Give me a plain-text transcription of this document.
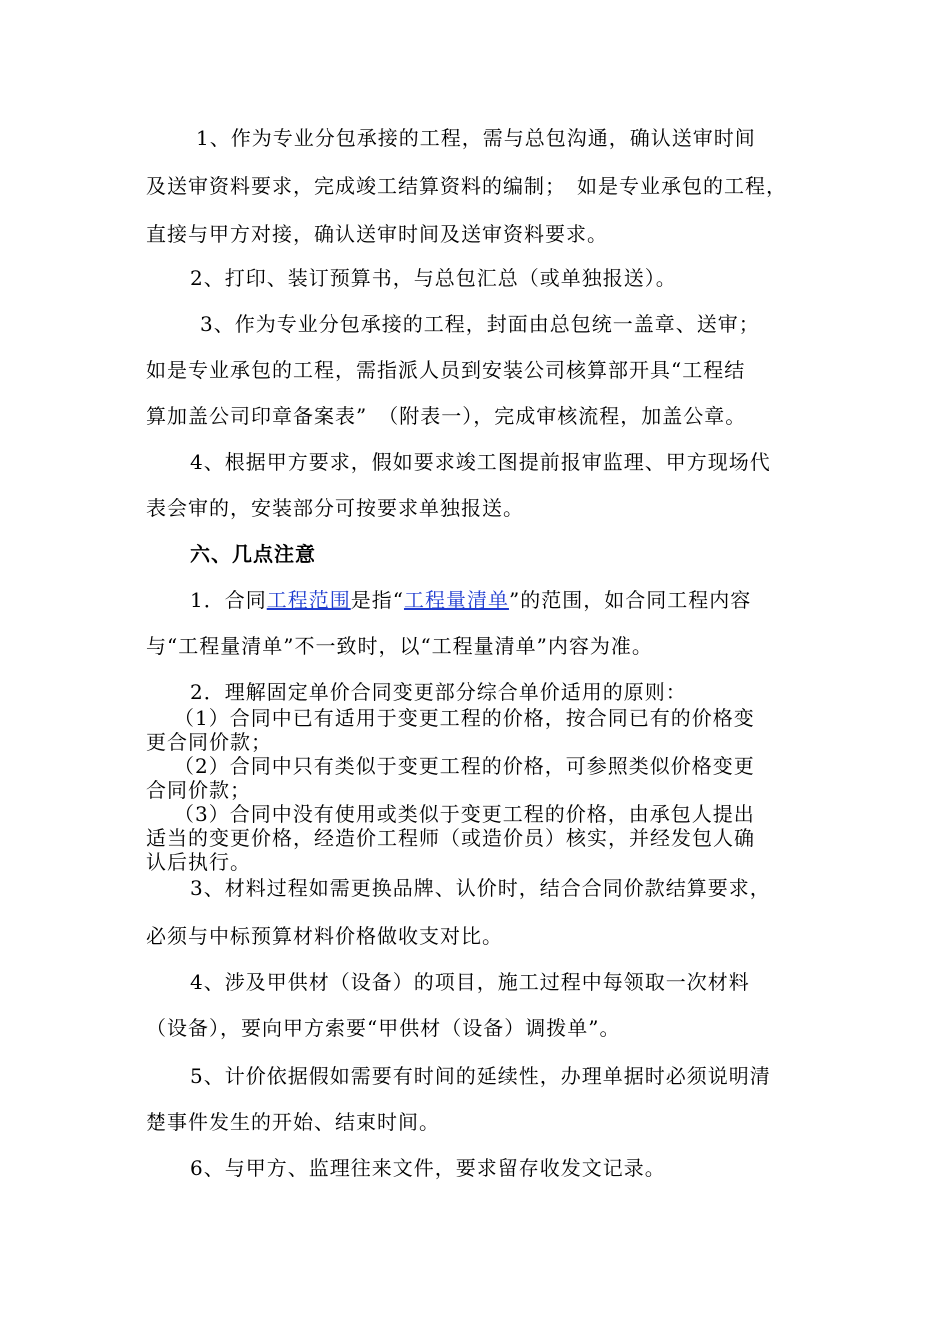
1、作为专业分包承接的工程，需与总包沟通，确认送审时间
及送审资料要求，完成竣工结算资料的编制；　如是专业承包的工程，
直接与甲方对接，确认送审时间及送审资料要求。
2、打印、装订预算书，与总包汇总（或单独报送）。
3、作为专业分包承接的工程，封面由总包统一盖章、送审；
如是专业承包的工程，需指派人员到安装公司核算部开具“工程结
算加盖公司印章备案表”　（附表一），完成审核流程，加盖公章。
4、根据甲方要求，假如要求竣工图提前报审监理、甲方现场代
表会审的，安装部分可按要求单独报送。
六、几点注意
1．合同工程范围是指“工程量清单”的范围，如合同工程内容
与“工程量清单”不一致时，以“工程量清单”内容为准。
2．理解固定单价合同变更部分综合单价适用的原则：
（1）合同中已有适用于变更工程的价格，按合同已有的价格变
更合同价款；
（2）合同中只有类似于变更工程的价格，可参照类似价格变更
合同价款；
（3）合同中没有使用或类似于变更工程的价格，由承包人提出
适当的变更价格，经造价工程师（或造价员）核实，并经发包人确
认后执行。
3、材料过程如需更换品牌、认价时，结合合同价款结算要求，
必须与中标预算材料价格做收支对比。
4、涉及甲供材（设备）的项目，施工过程中每领取一次材料
（设备），要向甲方索要“甲供材（设备）调拨单”。
5、计价依据假如需要有时间的延续性，办理单据时必须说明清
楚事件发生的开始、结束时间。
6、与甲方、监理往来文件，要求留存收发文记录。
